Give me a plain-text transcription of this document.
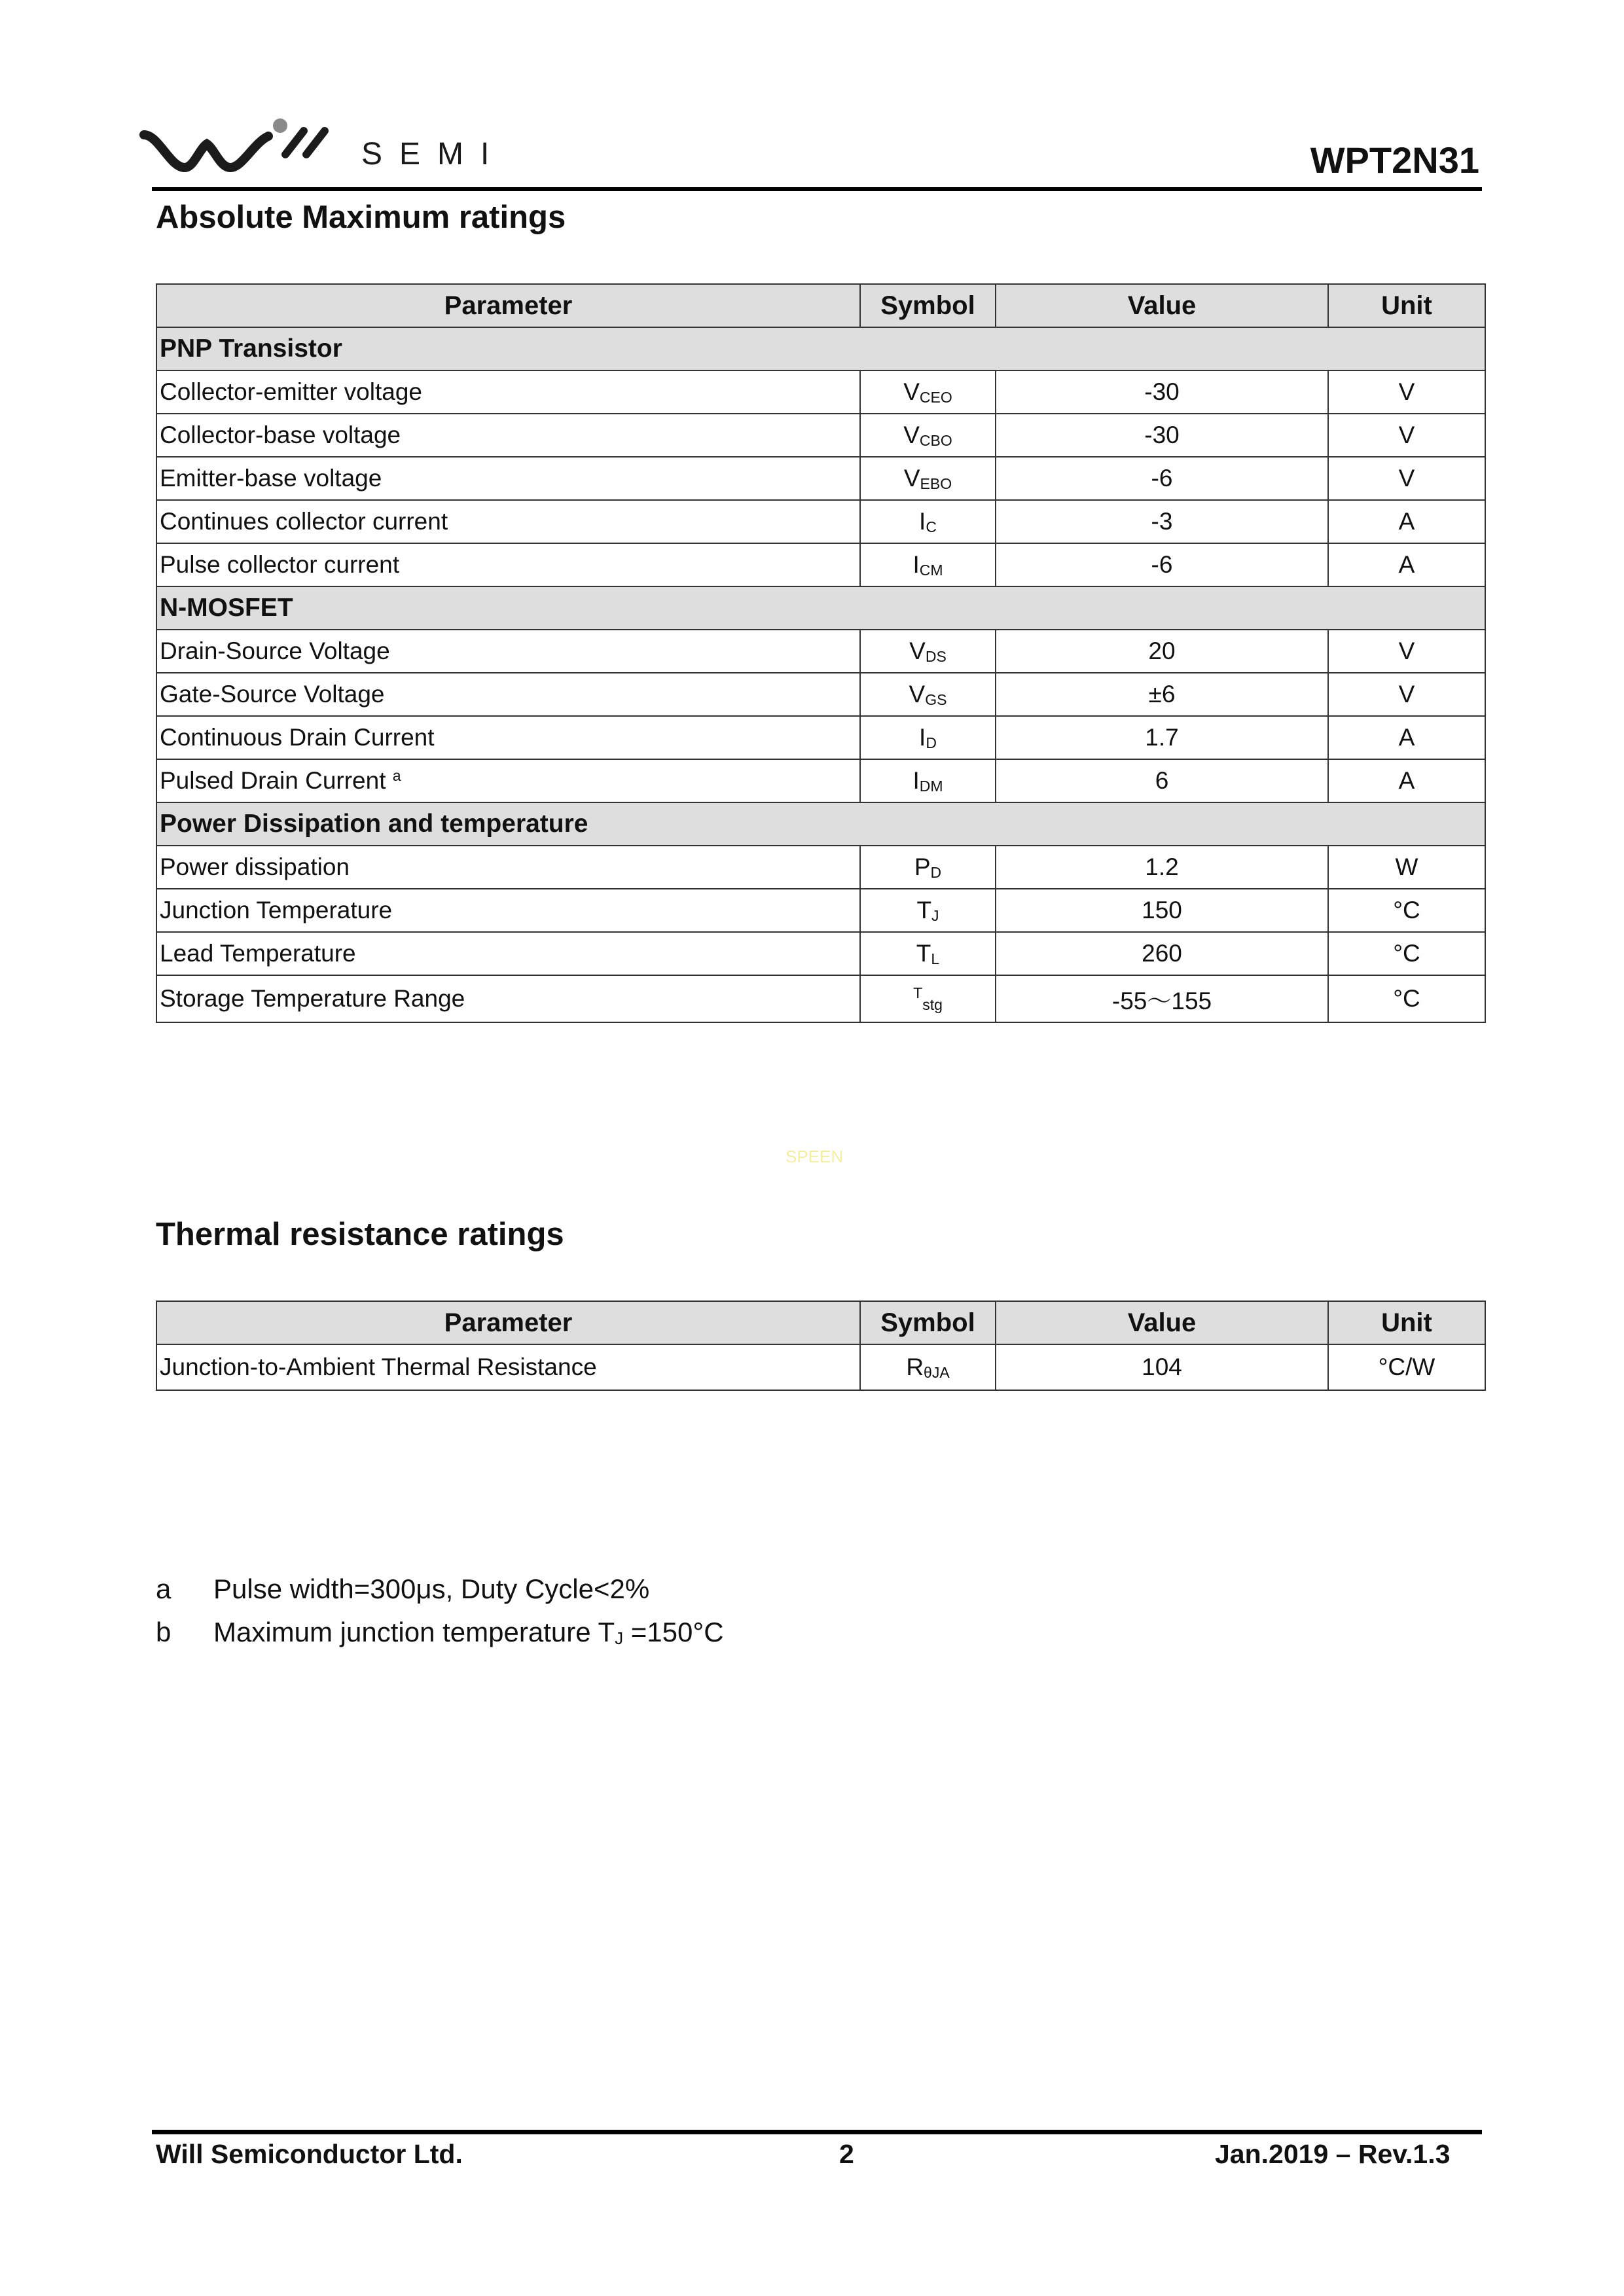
SEMI	WPT2N31
Absolute Maximum ratings
Parameter	Symbol	Value	Unit
PNP Transistor			
Collector-emitter voltage	VCEO	-30	V
Collector-base voltage	VCBO	-30	V
Emitter-base voltage	VEBO	-6	V
Continues collector current	IC	-3	A
Pulse collector current	ICM	-6	A
N-MOSFET			
Drain-Source Voltage	VDS	20	V
Gate-Source Voltage	VGS	±6	V
Continuous Drain Current	ID	1.7	A
Pulsed Drain Current $^a$	IDM	6	A
Power Dissipation and temperature			
Power dissipation	PD	1.2	W
Junction Temperature	TJ	150	°C
Lead Temperature	TL	260	°C
Storage Temperature Range	$^T$stg	-55～155	°C
SPEEN
Thermal resistance ratings
Parameter	Symbol	Value	Unit
Junction-to-Ambient Thermal Resistance	RθJA	104	°C/W
a	Pulse width=300μs, Duty Cycle<2%
b	Maximum junction temperature TJ =150°C
Will Semiconductor Ltd.	2	Jan.2019 – Rev.1.3
